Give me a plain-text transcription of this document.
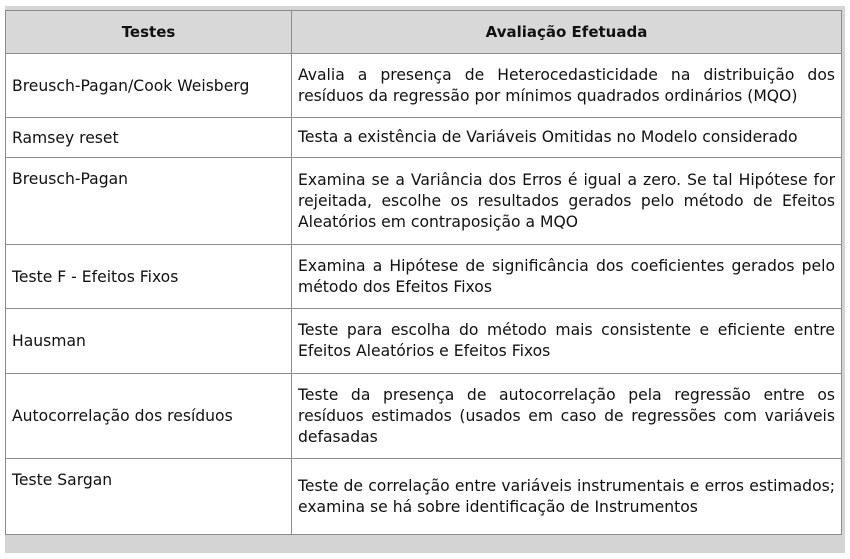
Testes	Avaliação Efetuada
Breusch-Pagan/Cook Weisberg	Avalia a presença de Heterocedasticidade na distribuição dos resíduos da regressão por mínimos quadrados ordinários (MQO)

Ramsey reset	Testa a existência de Variáveis Omitidas no Modelo considerado

Breusch-Pagan	Examina se a Variância dos Erros é igual a zero. Se tal Hipótese for rejeitada, escolhe os resultados gerados pelo método de Efeitos Aleatórios em contraposição a MQO

Teste F - Efeitos Fixos	Examina a Hipótese de significância dos coeficientes gerados pelo método dos Efeitos Fixos

Hausman	Teste para escolha do método mais consistente e eficiente entre Efeitos Aleatórios e Efeitos Fixos

Autocorrelação dos resíduos	Teste da presença de autocorrelação pela regressão entre os resíduos estimados (usados em caso de regressões com variáveis defasadas

Teste Sargan	Teste de correlação entre variáveis instrumentais e erros estimados; examina se há sobre identificação de Instrumentos
